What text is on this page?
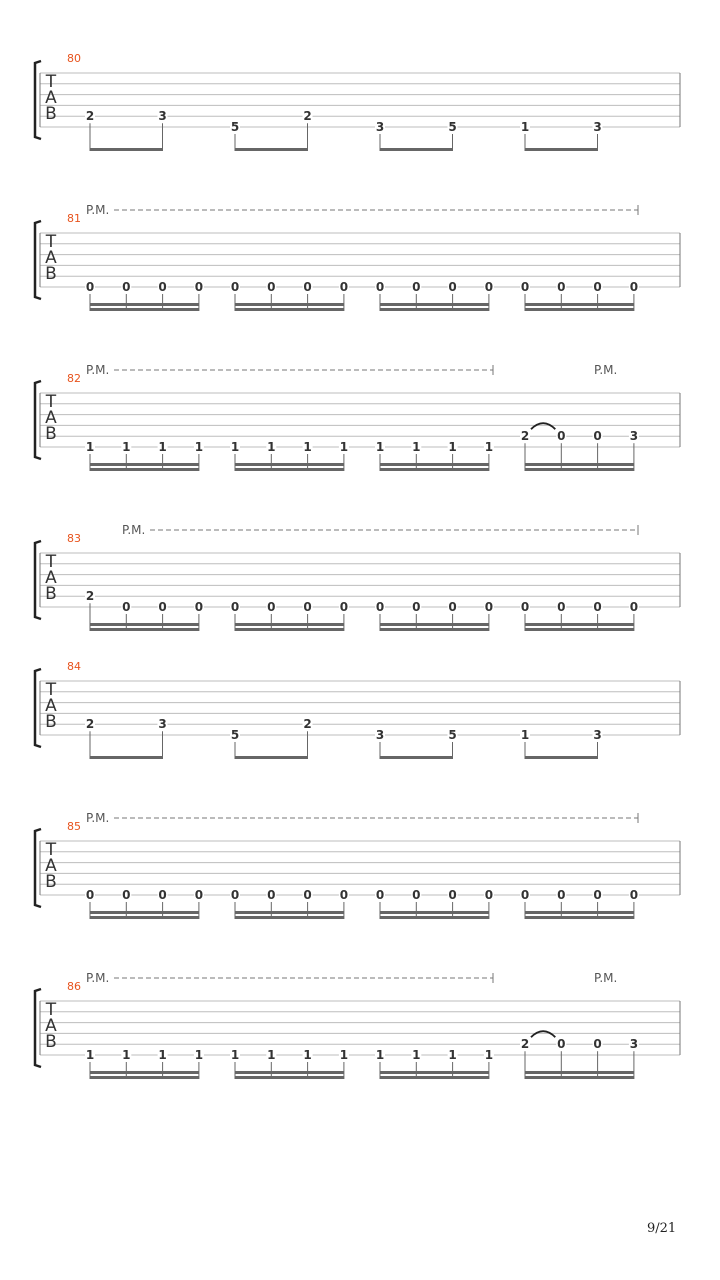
T
A
B
80
2	3
5
2
3	5	1	3
T
A
B
81
P.M.
0 0 0 0 0 0 0 0 0 0 0 0 0 0 0 0
T
A
B
82
P.M.	P.M.
1 1 1 1 1 1 1 1 1 1 1 1
2 0 0 3
T
A
B
83
P.M.
2
0 0 0 0 0 0 0 0 0 0 0 0 0 0 0
T
A
B
84
2	3
5
2
3	5	1	3
T
A
B
85
P.M.
0 0 0 0 0 0 0 0 0 0 0 0 0 0 0 0
T
A
B
86
P.M.	P.M.
1 1 1 1 1 1 1 1 1 1 1 1
2 0 0 3
9/21
